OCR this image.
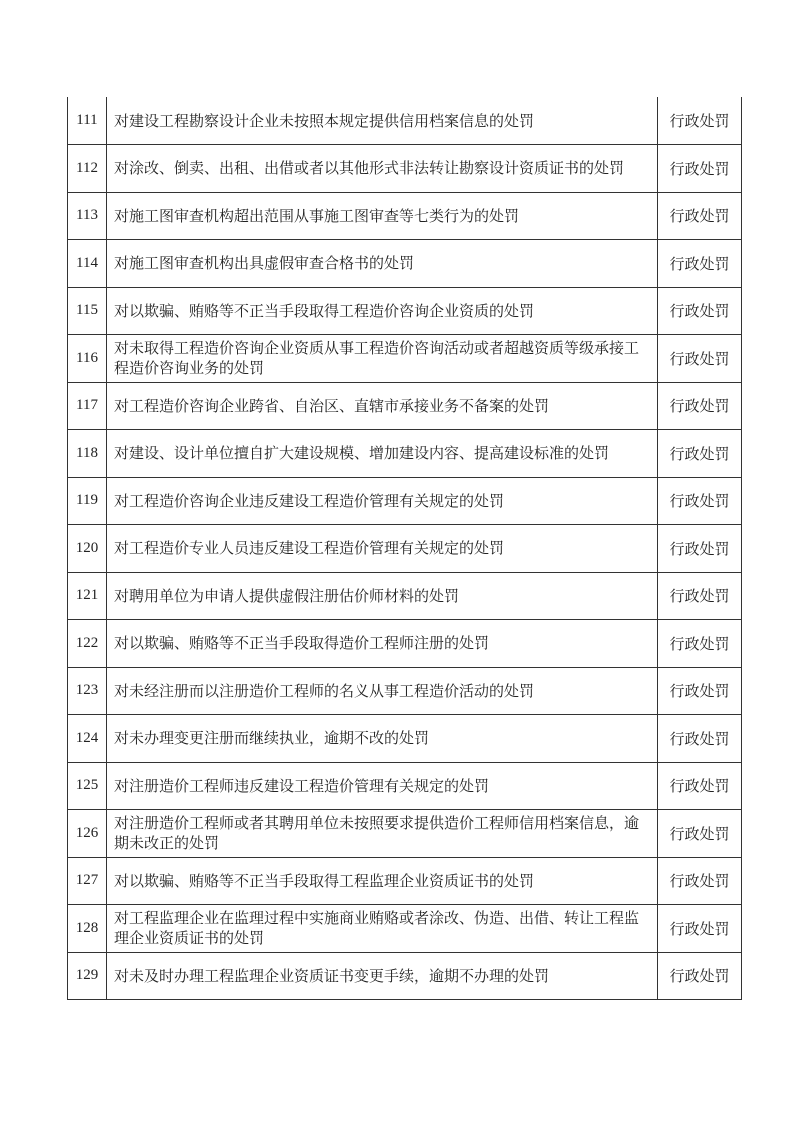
111	对建设工程勘察设计企业未按照本规定提供信用档案信息的处罚	行政处罚
112	对涂改、倒卖、出租、出借或者以其他形式非法转让勘察设计资质证书的处罚	行政处罚
113	对施工图审查机构超出范围从事施工图审查等七类行为的处罚	行政处罚
114	对施工图审查机构出具虚假审查合格书的处罚	行政处罚
115	对以欺骗、贿赂等不正当手段取得工程造价咨询企业资质的处罚	行政处罚
116	对未取得工程造价咨询企业资质从事工程造价咨询活动或者超越资质等级承接工程造价咨询业务的处罚	行政处罚
117	对工程造价咨询企业跨省、自治区、直辖市承接业务不备案的处罚	行政处罚
118	对建设、设计单位擅自扩大建设规模、增加建设内容、提高建设标准的处罚	行政处罚
119	对工程造价咨询企业违反建设工程造价管理有关规定的处罚	行政处罚
120	对工程造价专业人员违反建设工程造价管理有关规定的处罚	行政处罚
121	对聘用单位为申请人提供虚假注册估价师材料的处罚	行政处罚
122	对以欺骗、贿赂等不正当手段取得造价工程师注册的处罚	行政处罚
123	对未经注册而以注册造价工程师的名义从事工程造价活动的处罚	行政处罚
124	对未办理变更注册而继续执业，逾期不改的处罚	行政处罚
125	对注册造价工程师违反建设工程造价管理有关规定的处罚	行政处罚
126	对注册造价工程师或者其聘用单位未按照要求提供造价工程师信用档案信息，逾期未改正的处罚	行政处罚
127	对以欺骗、贿赂等不正当手段取得工程监理企业资质证书的处罚	行政处罚
128	对工程监理企业在监理过程中实施商业贿赂或者涂改、伪造、出借、转让工程监理企业资质证书的处罚	行政处罚
129	对未及时办理工程监理企业资质证书变更手续，逾期不办理的处罚	行政处罚
